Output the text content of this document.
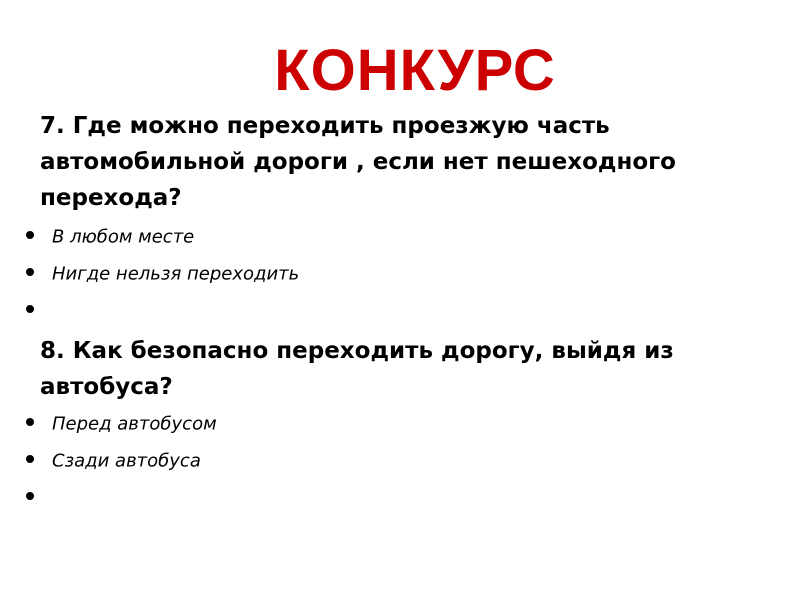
КОНКУРС
7. Где можно переходить проезжую часть автомобильной дороги , если нет пешеходного перехода?
В любом месте
Нигде нельзя переходить
8. Как безопасно переходить дорогу, выйдя из автобуса?
Перед автобусом
Сзади автобуса
